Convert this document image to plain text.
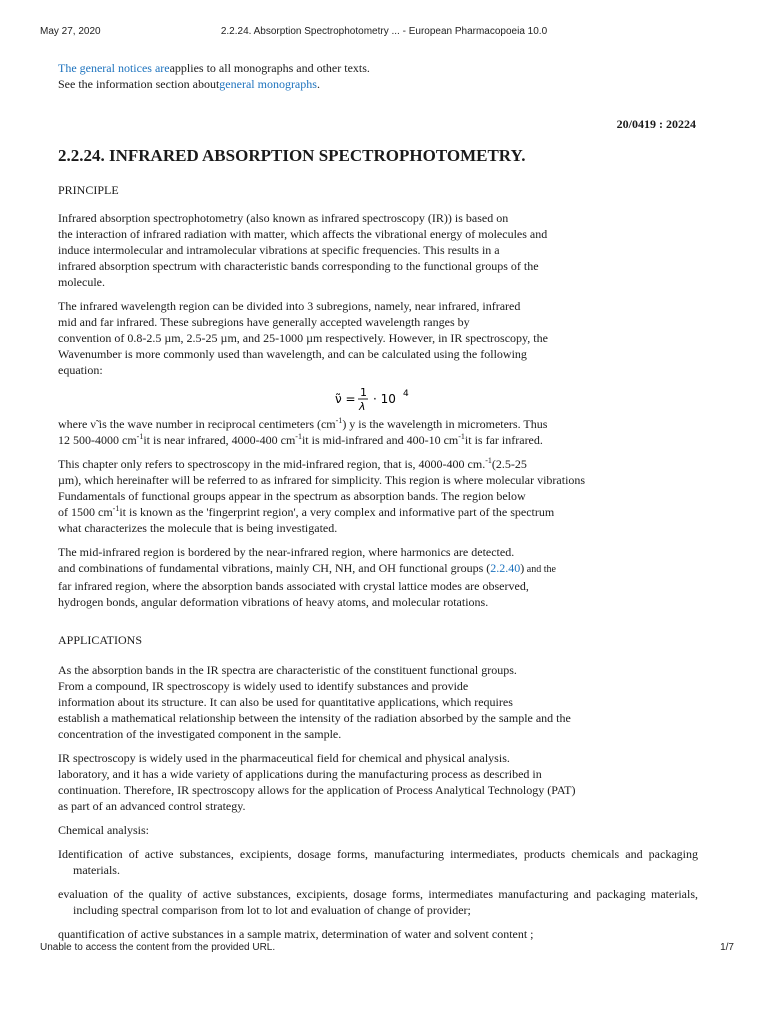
May 27, 2020	2.2.24. Absorption Spectrophotometry ... - European Pharmacopoeia 10.0

The general notices areapplies to all monographs and other texts.

See the information section aboutgeneral monographs.

20/0419 : 20224
2.2.24. INFRARED ABSORPTION SPECTROPHOTOMETRY.

PRINCIPLE

Infrared absorption spectrophotometry (also known as infrared spectroscopy (IR)) is based on
the interaction of infrared radiation with matter, which affects the vibrational energy of molecules and
induce intermolecular and intramolecular vibrations at specific frequencies. This results in a
infrared absorption spectrum with characteristic bands corresponding to the functional groups of the
molecule.

The infrared wavelength region can be divided into 3 subregions, namely, near infrared, infrared
mid and far infrared. These subregions have generally accepted wavelength ranges by
convention of 0.8-2.5 µm, 2.5-25 µm, and 25-1000 µm respectively. However, in IR spectroscopy, the
Wavenumber is more commonly used than wavelength, and can be calculated using the following
equation:

ν̃ = 1
λ
· 10 4

where ν̃ is the wave number in reciprocal centimeters $(cm^{-1})$ y is the wavelength in micrometers. Thus
12 500-4000 $cm^{-1}it$ is near infrared, 4000-400 $cm^{-1}it$ is mid-infrared and 400-10 $cm^{-1}it$ is far infrared.

This chapter only refers to spectroscopy in the mid-infrared region, that is, 4000-400 cm.$^{-1}$(2.5-25
µm), which hereinafter will be referred to as infrared for simplicity. This region is where molecular vibrations
Fundamentals of functional groups appear in the spectrum as absorption bands. The region below
of 1500 $cm^{-1}it$ is known as the 'fingerprint region', a very complex and informative part of the spectrum
what characterizes the molecule that is being investigated.

The mid-infrared region is bordered by the near-infrared region, where harmonics are detected.
and combinations of fundamental vibrations, mainly CH, NH, and OH functional groups (2.2.40) and the
far infrared region, where the absorption bands associated with crystal lattice modes are observed,
hydrogen bonds, angular deformation vibrations of heavy atoms, and molecular rotations.

APPLICATIONS

As the absorption bands in the IR spectra are characteristic of the constituent functional groups.
From a compound, IR spectroscopy is widely used to identify substances and provide
information about its structure. It can also be used for quantitative applications, which requires
establish a mathematical relationship between the intensity of the radiation absorbed by the sample and the
concentration of the investigated component in the sample.

IR spectroscopy is widely used in the pharmaceutical field for chemical and physical analysis.
laboratory, and it has a wide variety of applications during the manufacturing process as described in
continuation. Therefore, IR spectroscopy allows for the application of Process Analytical Technology (PAT)
as part of an advanced control strategy.

Chemical analysis:

Identification of active substances, excipients, dosage forms, manufacturing intermediates, products chemicals and packaging materials.

evaluation of the quality of active substances, excipients, dosage forms, intermediates manufacturing and packaging materials, including spectral comparison from lot to lot and evaluation of change of provider;

quantification of active substances in a sample matrix, determination of water and solvent content ;

Unable to access the content from the provided URL.	1/7
